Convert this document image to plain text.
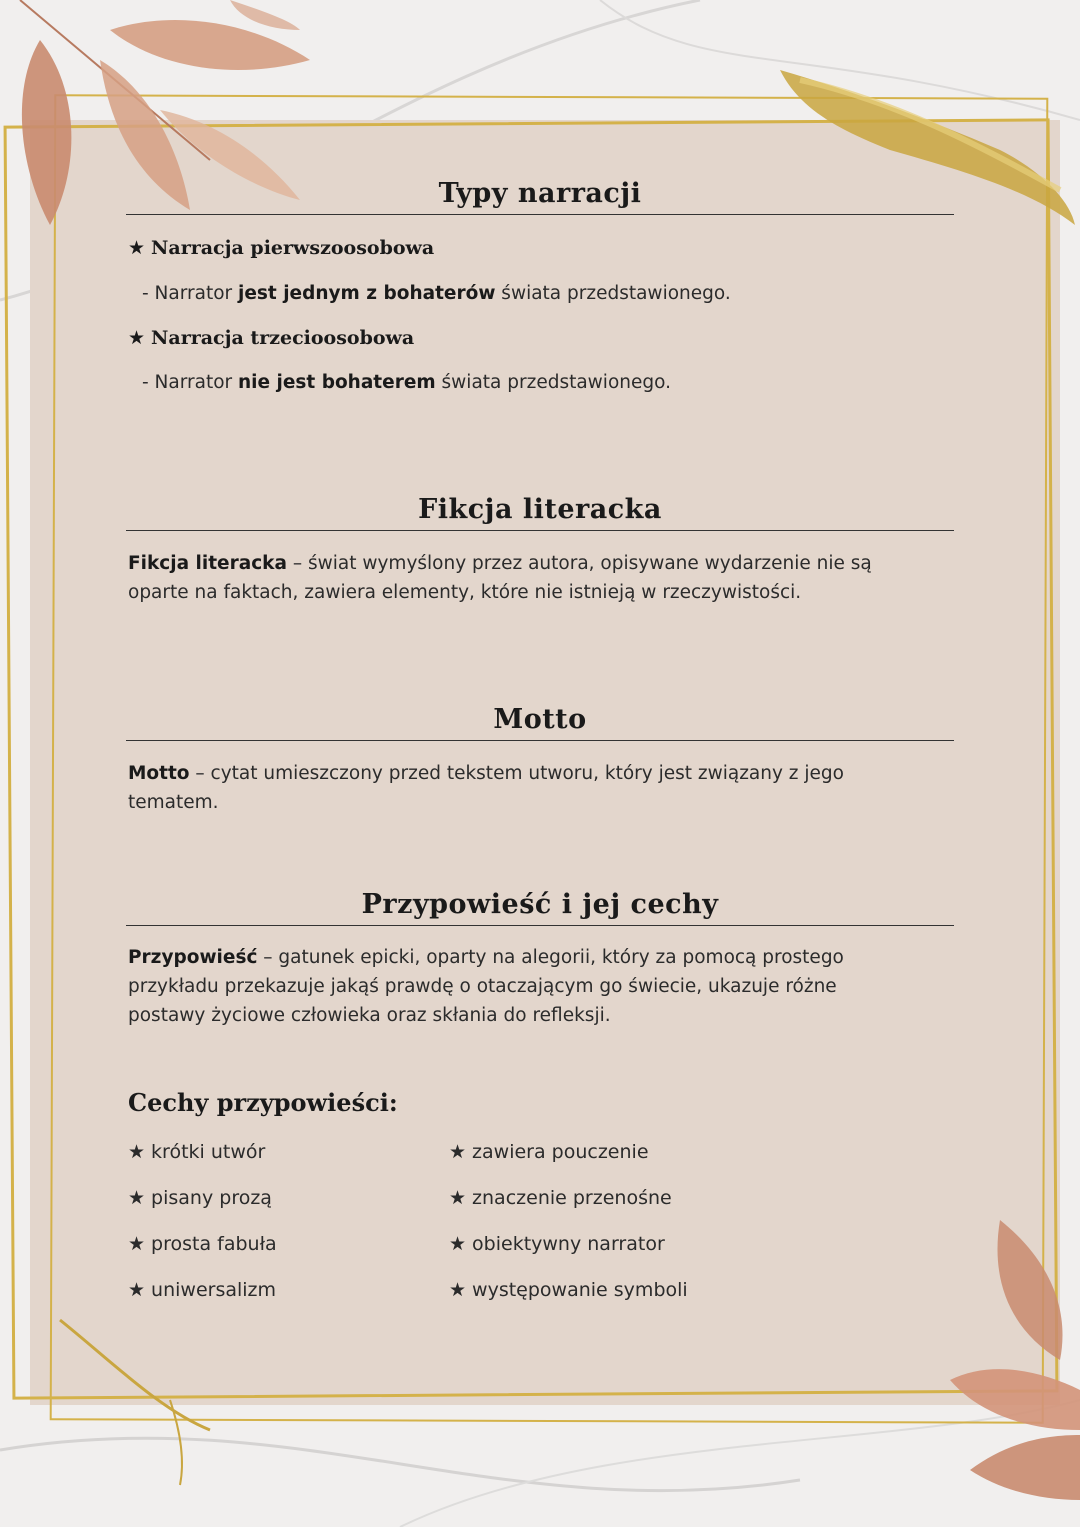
Typy narracji
★ Narracja pierwszoosobowa
- Narrator jest jednym z bohaterów świata przedstawionego.
★ Narracja trzecioosobowa
- Narrator nie jest bohaterem świata przedstawionego.
Fikcja literacka
Fikcja literacka – świat wymyślony przez autora, opisywane wydarzenie nie są oparte na faktach, zawiera elementy, które nie istnieją w rzeczywistości.
Motto
Motto – cytat umieszczony przed tekstem utworu, który jest związany z jego tematem.
Przypowieść i jej cechy
Przypowieść – gatunek epicki, oparty na alegorii, który za pomocą prostego przykładu przekazuje jakąś prawdę o otaczającym go świecie, ukazuje różne postawy życiowe człowieka oraz skłania do refleksji.
Cechy przypowieści:
★ krótki utwór
★ pisany prozą
★ prosta fabuła
★ uniwersalizm
★ zawiera pouczenie
★ znaczenie przenośne
★ obiektywny narrator
★ występowanie symboli
